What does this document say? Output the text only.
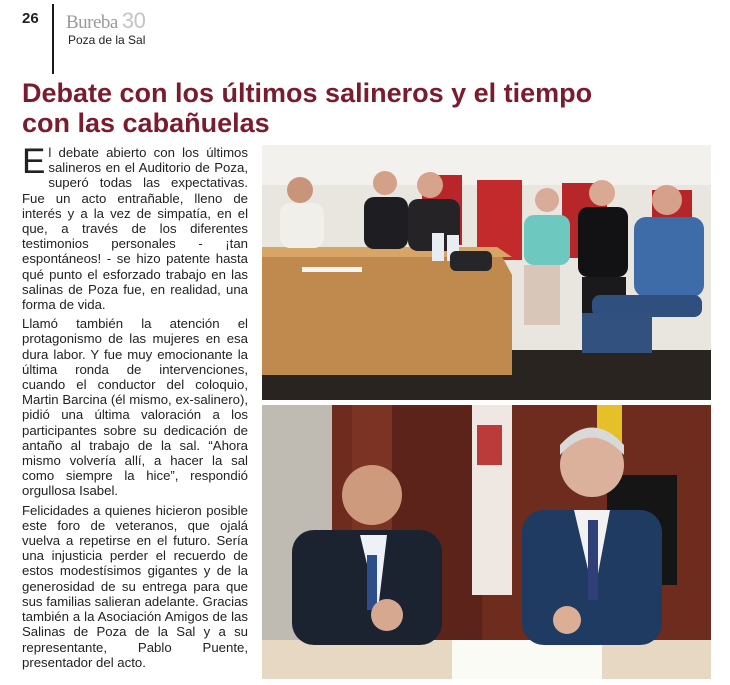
26 Bureba 30
Poza de la Sal
Debate con los últimos salineros y el tiempo con las cabañuelas

El debate abierto con los últimos salineros en el Auditorio de Poza, superó todas las expectativas. Fue un acto entrañable, lleno de interés y a la vez de simpatía, en el que, a través de los diferentes testimonios personales - ¡tan espontáneos! - se hizo patente hasta qué punto el esforzado trabajo en las salinas de Poza fue, en realidad, una forma de vida.

Llamó también la atención el protagonismo de las mujeres en esa dura labor. Y fue muy emocionante la última ronda de intervenciones, cuando el conductor del coloquio, Martin Barcina (él mismo, ex-salinero), pidió una última valoración a los participantes sobre su dedicación de antaño al trabajo de la sal. “Ahora mismo volvería allí, a hacer la sal como siempre la hice”, respondió orgullosa Isabel.

Felicidades a quienes hicieron posible este foro de veteranos, que ojalá vuelva a repetirse en el futuro. Sería una injusticia perder el recuerdo de estos modestísimos gigantes y de la generosidad de su entrega para que sus familias salieran adelante. Gracias también a la Asociación Amigos de las Salinas de Poza de la Sal y a su representante, Pablo Puente, presentador del acto.
